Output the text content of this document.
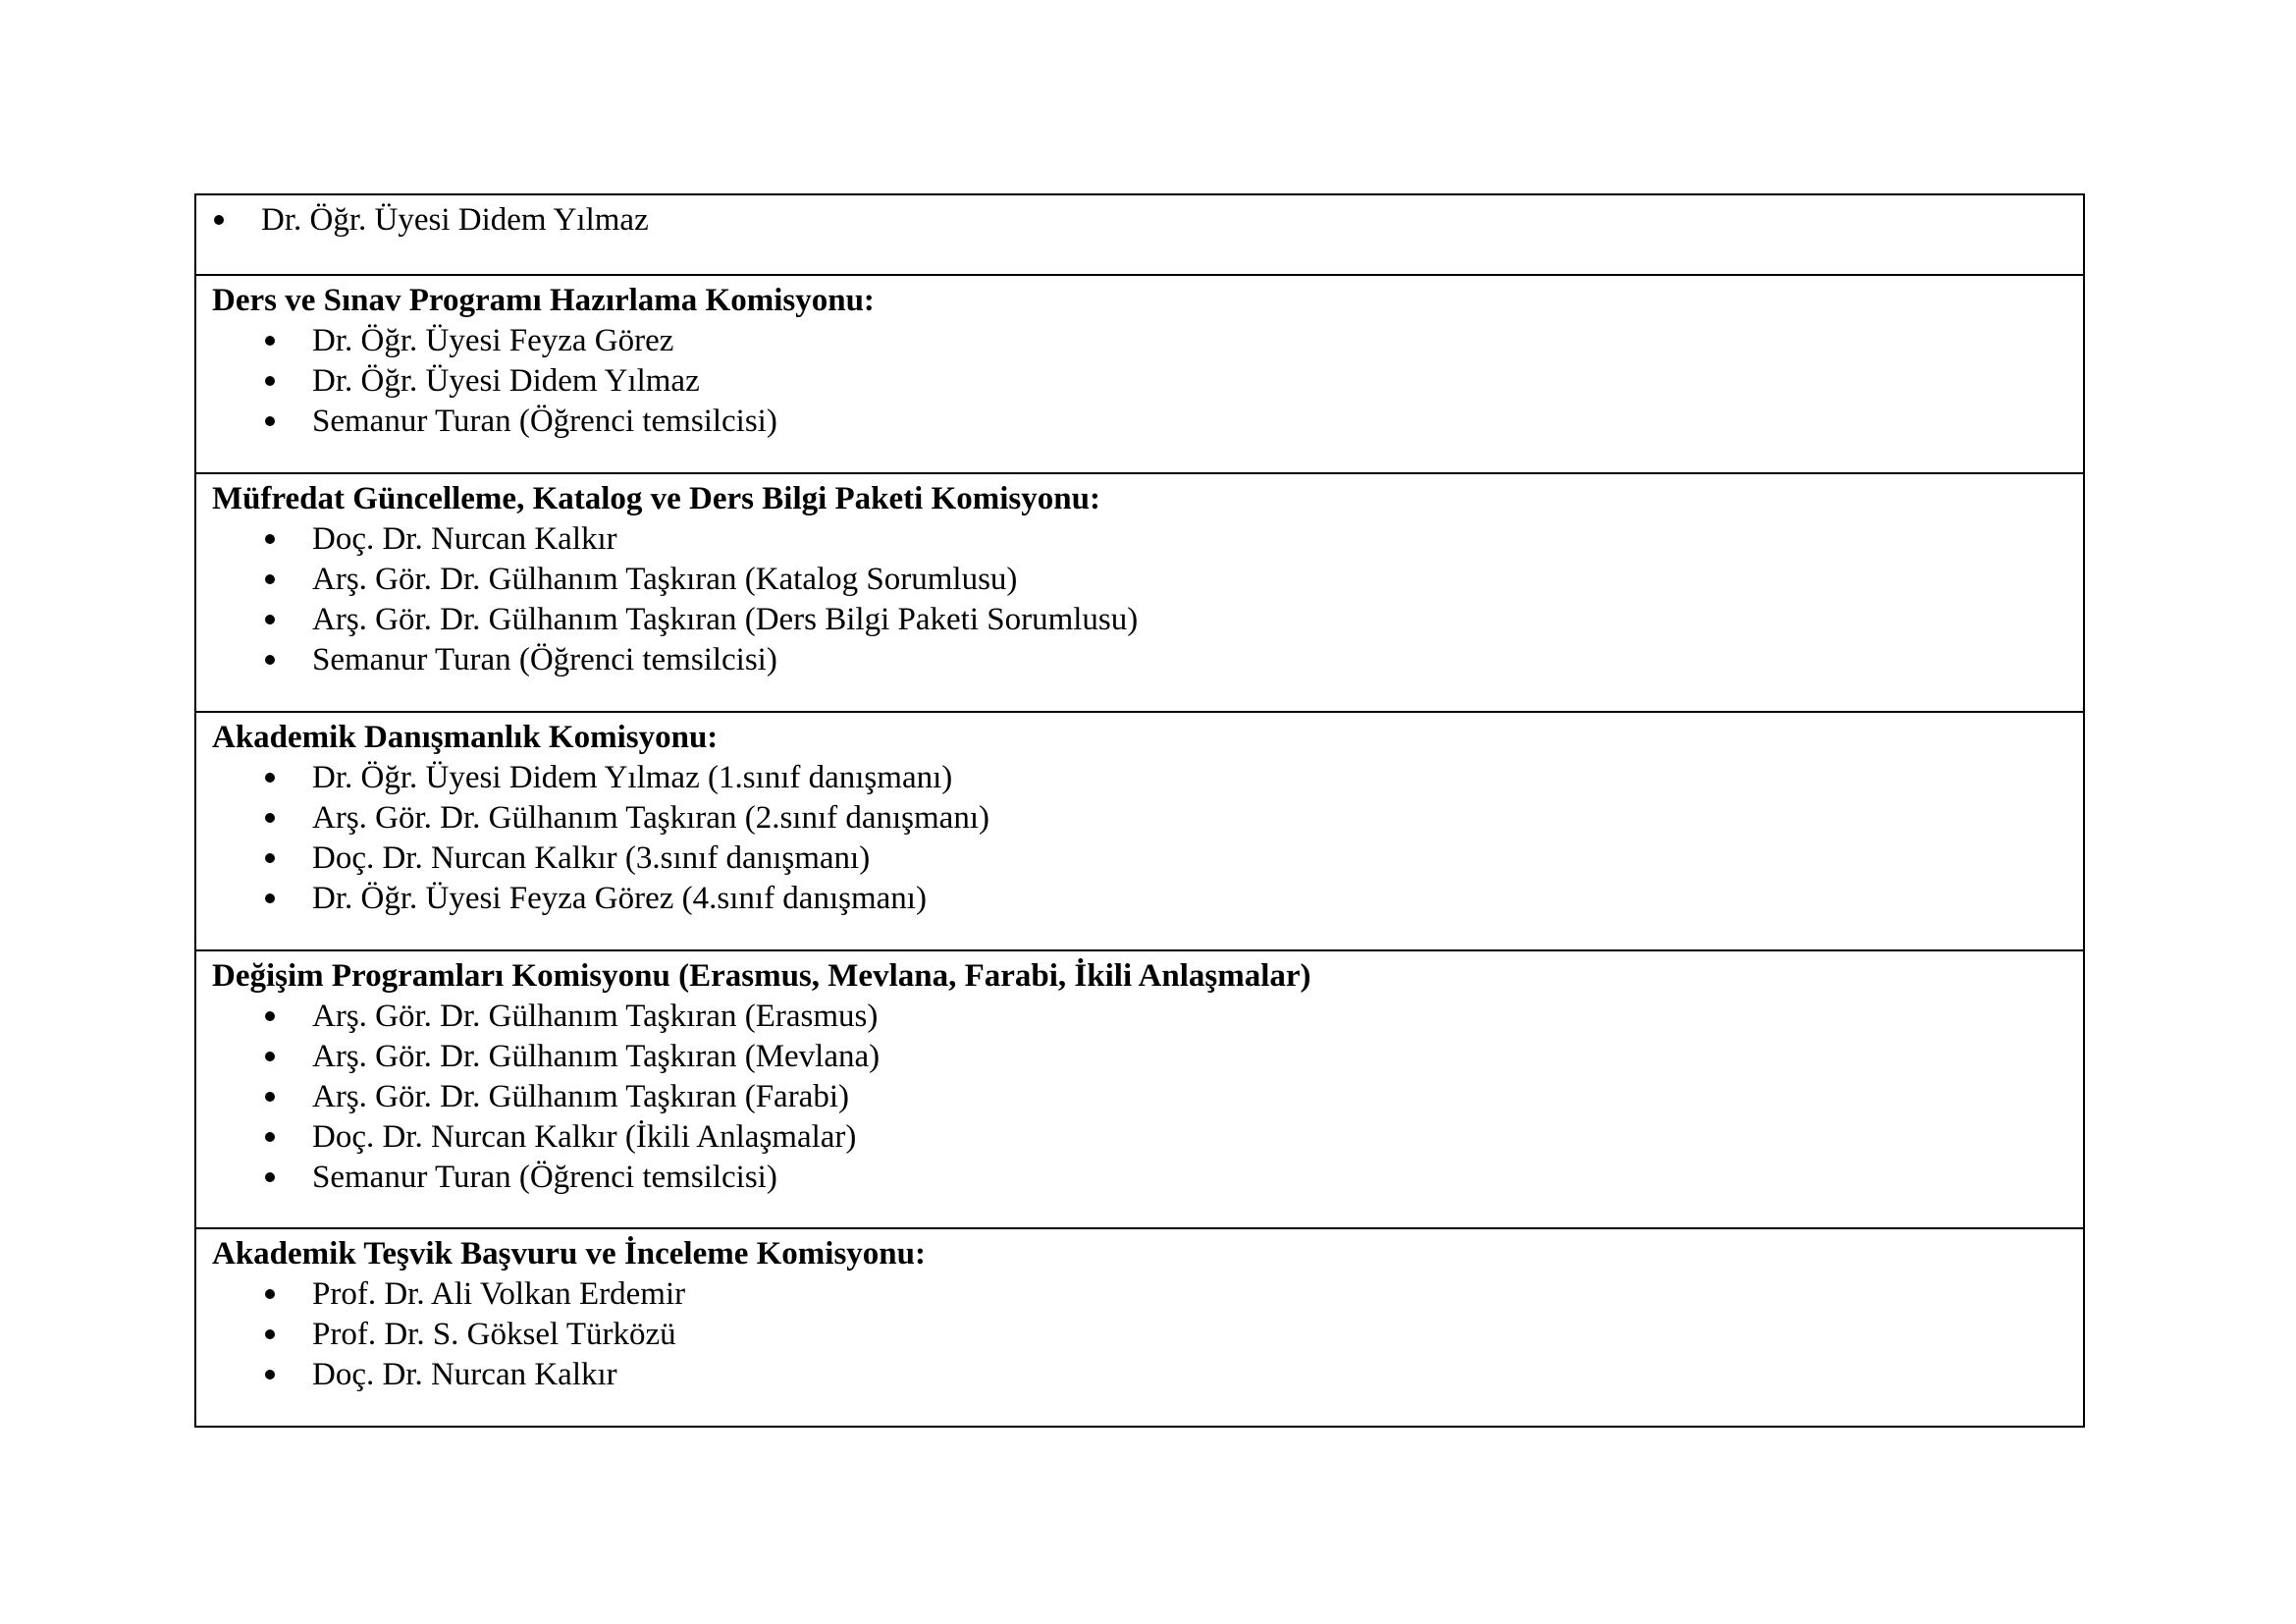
Dr. Öğr. Üyesi Didem Yılmaz

Ders ve Sınav Programı Hazırlama Komisyonu:

Dr. Öğr. Üyesi Feyza Görez
Dr. Öğr. Üyesi Didem Yılmaz
Semanur Turan (Öğrenci temsilcisi)

Müfredat Güncelleme, Katalog ve Ders Bilgi Paketi Komisyonu:

Doç. Dr. Nurcan Kalkır
Arş. Gör. Dr. Gülhanım Taşkıran (Katalog Sorumlusu)
Arş. Gör. Dr. Gülhanım Taşkıran (Ders Bilgi Paketi Sorumlusu)
Semanur Turan (Öğrenci temsilcisi)

Akademik Danışmanlık Komisyonu:

Dr. Öğr. Üyesi Didem Yılmaz (1.sınıf danışmanı)
Arş. Gör. Dr. Gülhanım Taşkıran (2.sınıf danışmanı)
Doç. Dr. Nurcan Kalkır (3.sınıf danışmanı)
Dr. Öğr. Üyesi Feyza Görez (4.sınıf danışmanı)

Değişim Programları Komisyonu (Erasmus, Mevlana, Farabi, İkili Anlaşmalar)

Arş. Gör. Dr. Gülhanım Taşkıran (Erasmus)
Arş. Gör. Dr. Gülhanım Taşkıran (Mevlana)
Arş. Gör. Dr. Gülhanım Taşkıran (Farabi)
Doç. Dr. Nurcan Kalkır (İkili Anlaşmalar)
Semanur Turan (Öğrenci temsilcisi)

Akademik Teşvik Başvuru ve İnceleme Komisyonu:

Prof. Dr. Ali Volkan Erdemir
Prof. Dr. S. Göksel Türközü
Doç. Dr. Nurcan Kalkır
